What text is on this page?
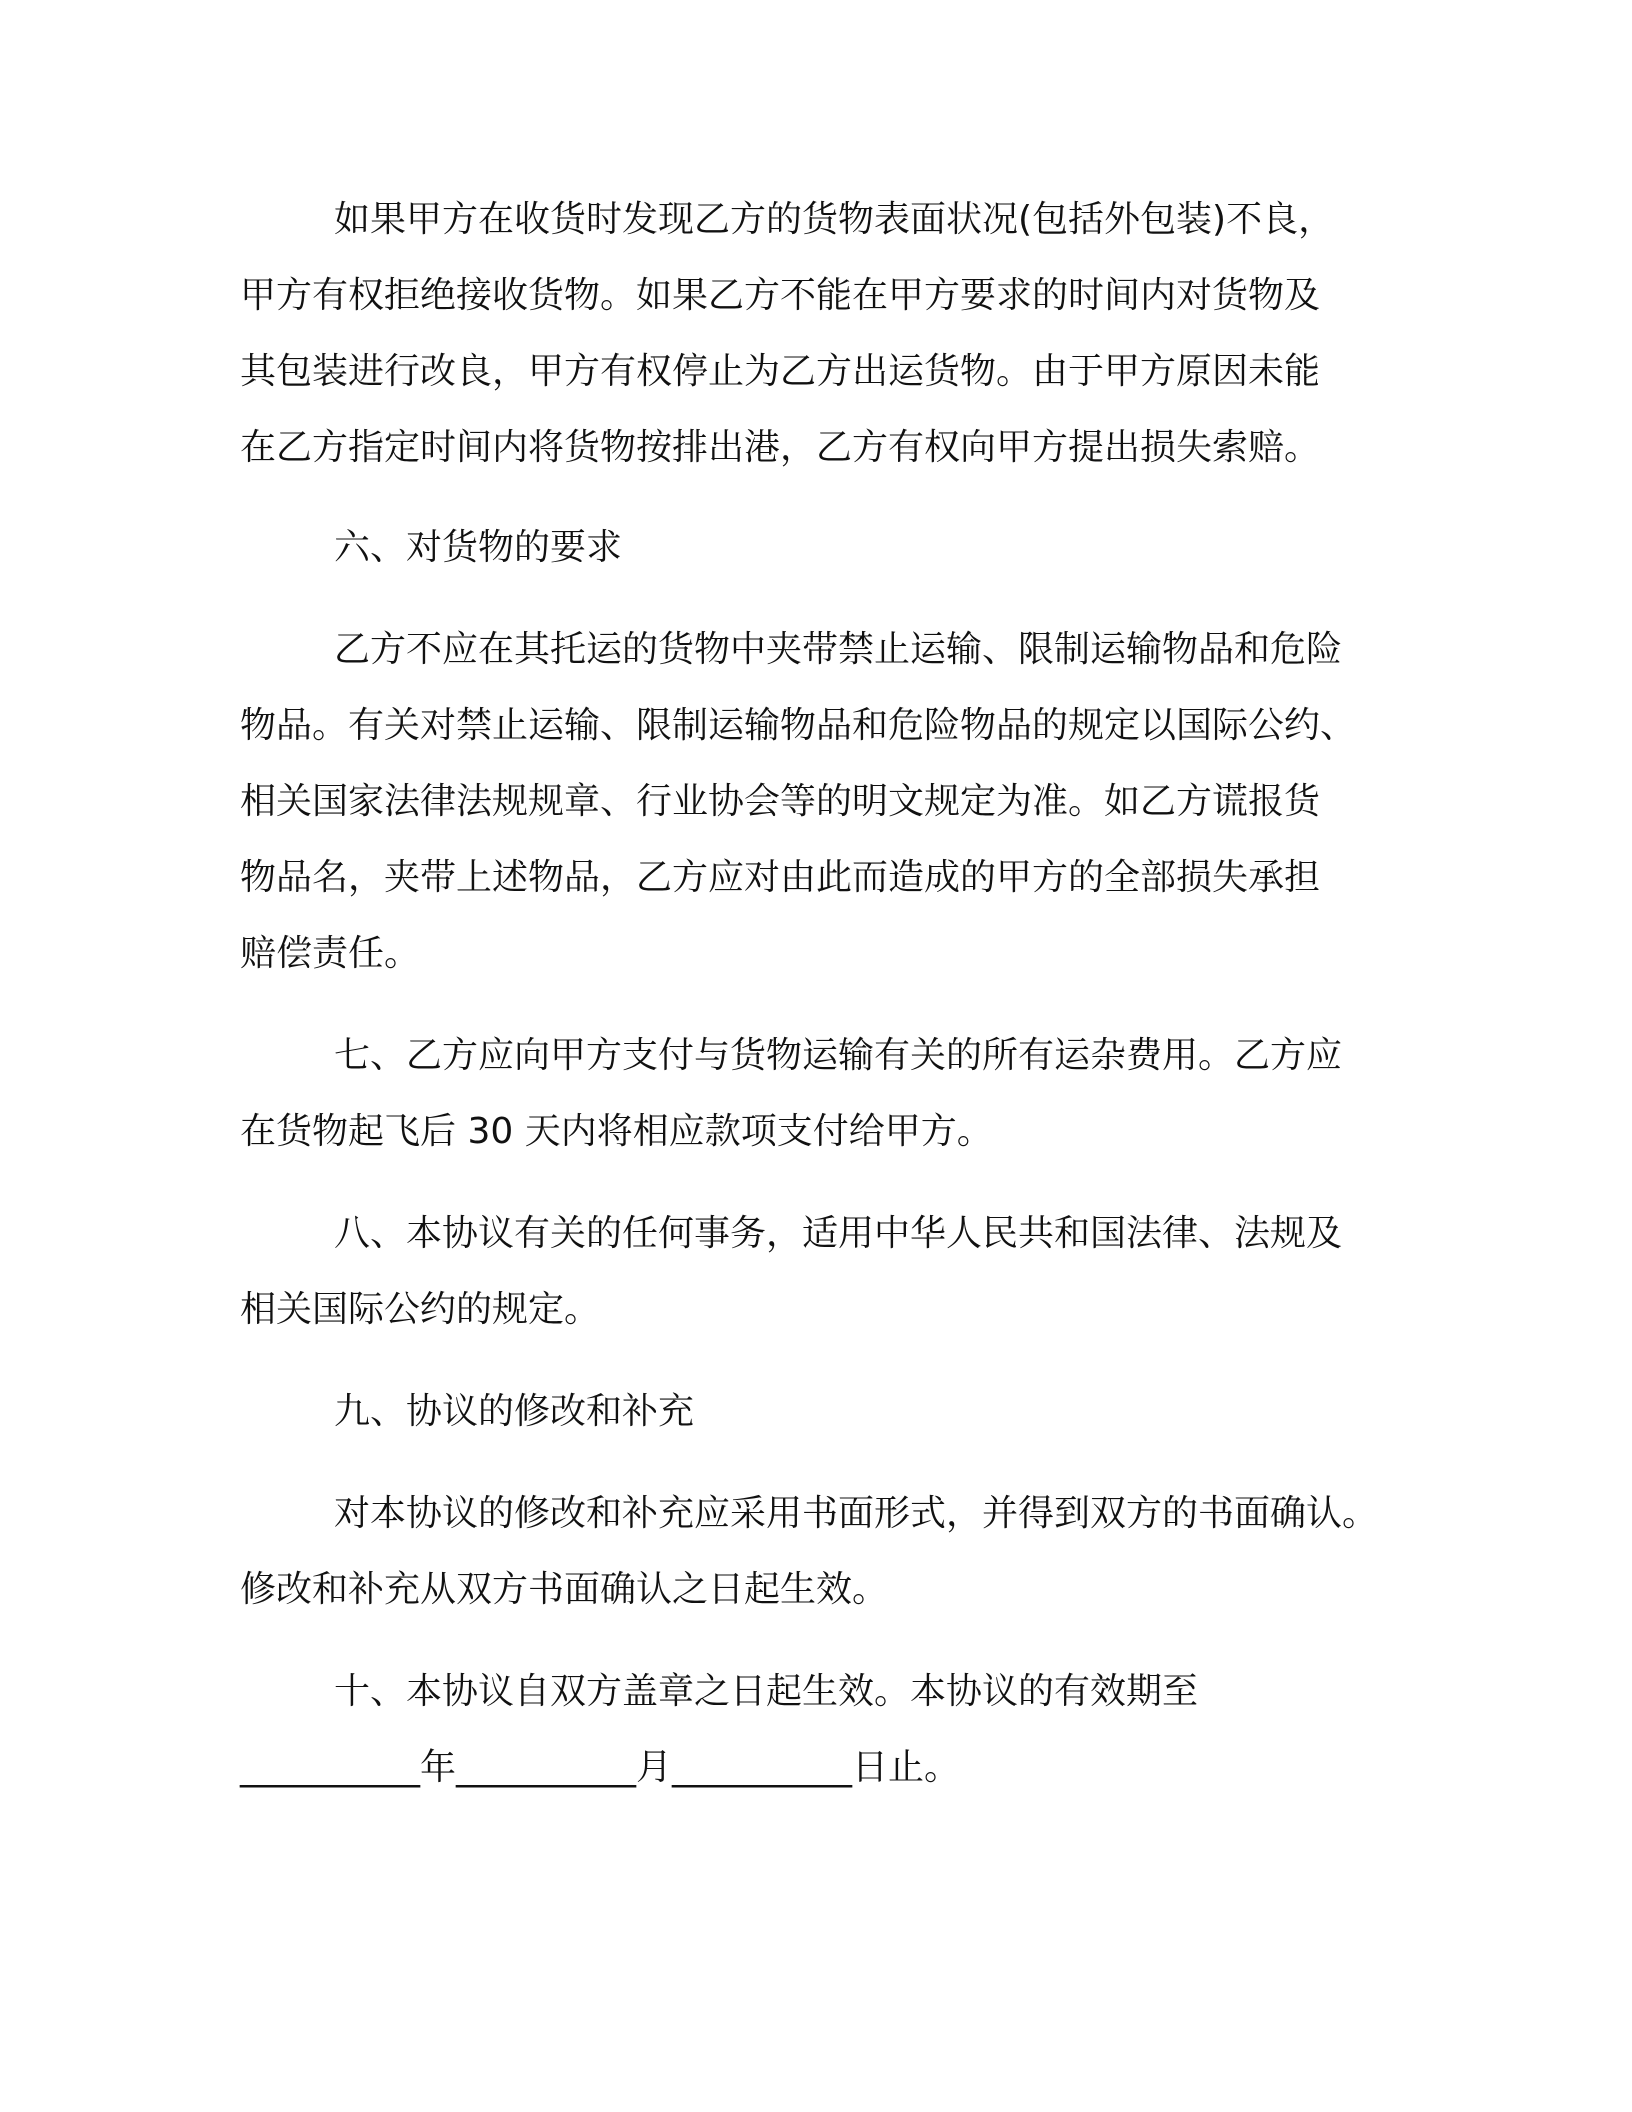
如果甲方在收货时发现乙方的货物表面状况(包括外包装)不良，
甲方有权拒绝接收货物。如果乙方不能在甲方要求的时间内对货物及
其包装进行改良，甲方有权停止为乙方出运货物。由于甲方原因未能
在乙方指定时间内将货物按排出港，乙方有权向甲方提出损失索赔。
六、对货物的要求
乙方不应在其托运的货物中夹带禁止运输、限制运输物品和危险
物品。有关对禁止运输、限制运输物品和危险物品的规定以国际公约、
相关国家法律法规规章、行业协会等的明文规定为准。如乙方谎报货
物品名，夹带上述物品，乙方应对由此而造成的甲方的全部损失承担
赔偿责任。
七、乙方应向甲方支付与货物运输有关的所有运杂费用。乙方应
在货物起飞后 30 天内将相应款项支付给甲方。
八、本协议有关的任何事务，适用中华人民共和国法律、法规及
相关国际公约的规定。
九、协议的修改和补充
对本协议的修改和补充应采用书面形式，并得到双方的书面确认。
修改和补充从双方书面确认之日起生效。
十、本协议自双方盖章之日起生效。本协议的有效期至
__________年__________月__________日止。
